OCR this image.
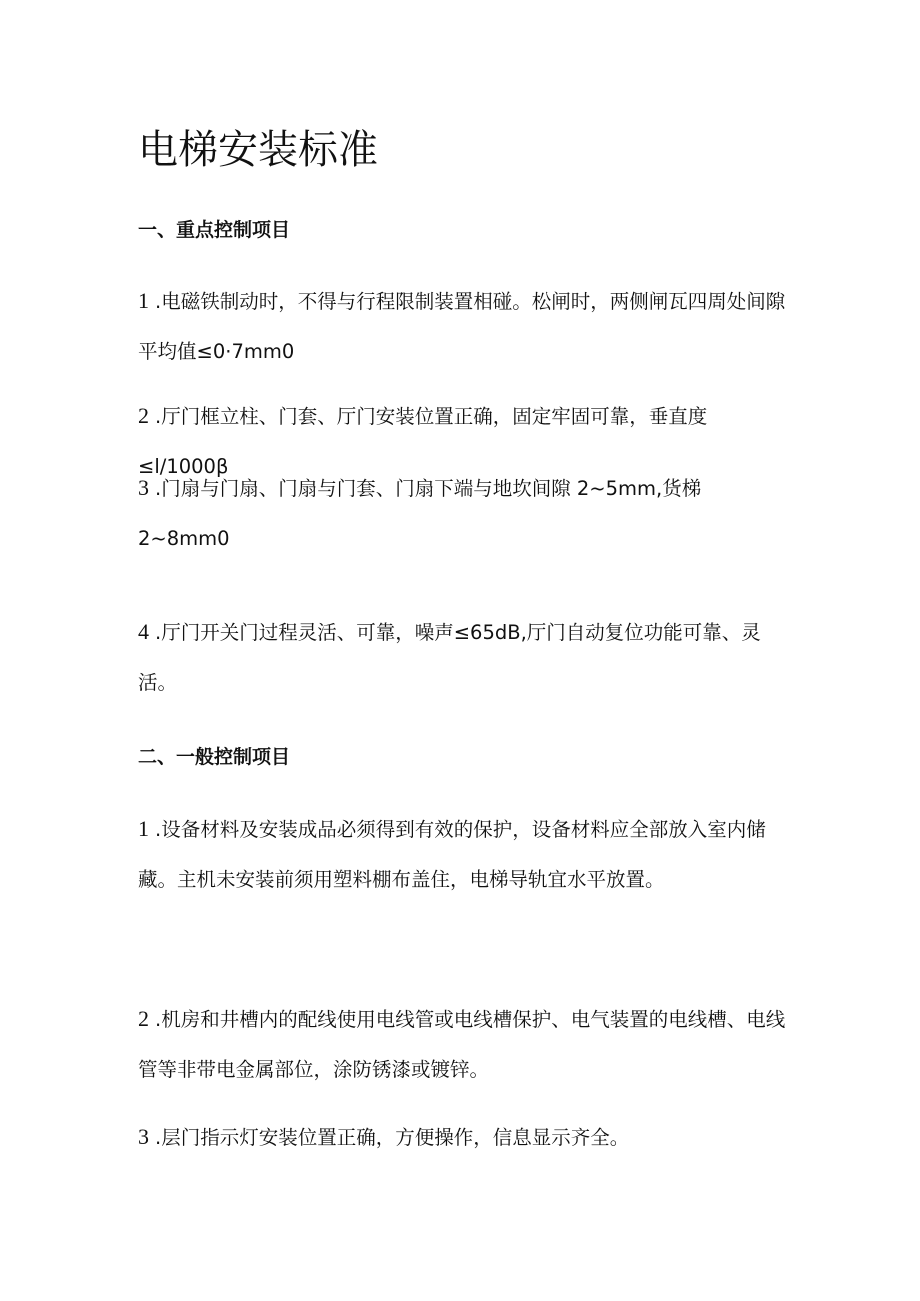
电梯安装标准
一、重点控制项目

1 .电磁铁制动时，不得与行程限制装置相碰。松闸时，两侧闸瓦四周处间隙平均值≤0·7mm0

2 .厅门框立柱、门套、厅门安装位置正确，固定牢固可靠，垂直度≤l/1000β

3 .门扇与门扇、门扇与门套、门扇下端与地坎间隙 2~5mm,货梯 2~8mm0

4 .厅门开关门过程灵活、可靠，噪声≤65dB,厅门自动复位功能可靠、灵活。

二、一般控制项目

1 .设备材料及安装成品必须得到有效的保护，设备材料应全部放入室内储藏。主机未安装前须用塑料棚布盖住，电梯导轨宜水平放置。

2 .机房和井槽内的配线使用电线管或电线槽保护、电气装置的电线槽、电线管等非带电金属部位，涂防锈漆或镀锌。

3 .层门指示灯安装位置正确，方便操作，信息显示齐全。
